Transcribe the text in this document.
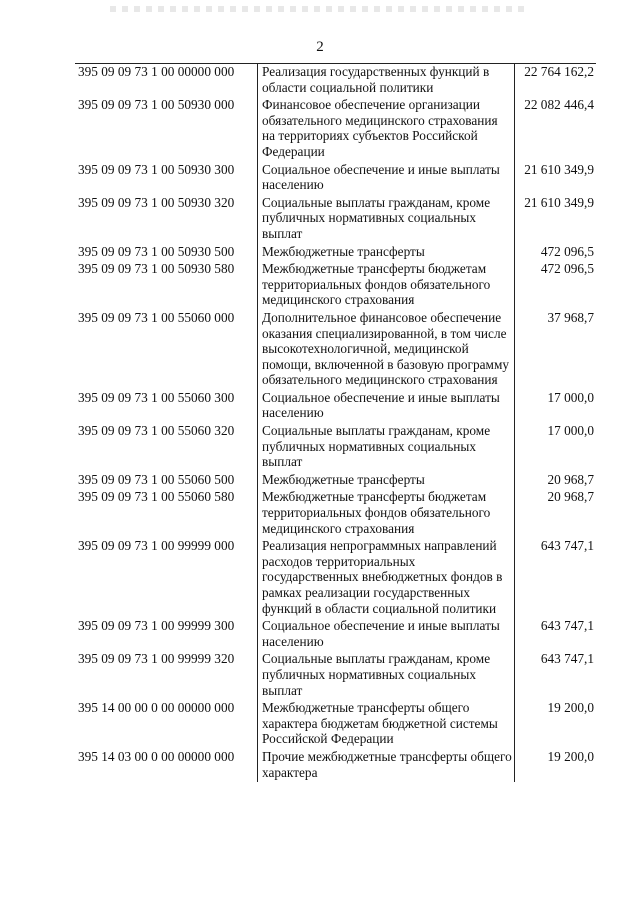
2
395 09 09 73 1 00 00000 000	Реализация государственных функций в области социальной политики	22 764 162,2
395 09 09 73 1 00 50930 000	Финансовое обеспечение организации обязательного медицинского страхования на территориях субъектов Российской Федерации	22 082 446,4
395 09 09 73 1 00 50930 300	Социальное обеспечение и иные выплаты населению	21 610 349,9
395 09 09 73 1 00 50930 320	Социальные выплаты гражданам, кроме публичных нормативных социальных выплат	21 610 349,9
395 09 09 73 1 00 50930 500	Межбюджетные трансферты	472 096,5
395 09 09 73 1 00 50930 580	Межбюджетные трансферты бюджетам территориальных фондов обязательного медицинского страхования	472 096,5
395 09 09 73 1 00 55060 000	Дополнительное финансовое обеспечение оказания специализированной, в том числе высокотехнологичной, медицинской помощи, включенной в базовую программу обязательного медицинского страхования	37 968,7
395 09 09 73 1 00 55060 300	Социальное обеспечение и иные выплаты населению	17 000,0
395 09 09 73 1 00 55060 320	Социальные выплаты гражданам, кроме публичных нормативных социальных выплат	17 000,0
395 09 09 73 1 00 55060 500	Межбюджетные трансферты	20 968,7
395 09 09 73 1 00 55060 580	Межбюджетные трансферты бюджетам территориальных фондов обязательного медицинского страхования	20 968,7
395 09 09 73 1 00 99999 000	Реализация непрограммных направлений расходов территориальных государственных внебюджетных фондов в рамках реализации государственных функций в области социальной политики	643 747,1
395 09 09 73 1 00 99999 300	Социальное обеспечение и иные выплаты населению	643 747,1
395 09 09 73 1 00 99999 320	Социальные выплаты гражданам, кроме публичных нормативных социальных выплат	643 747,1
395 14 00 00 0 00 00000 000	Межбюджетные трансферты общего характера бюджетам бюджетной системы Российской Федерации	19 200,0
395 14 03 00 0 00 00000 000	Прочие межбюджетные трансферты общего характера	19 200,0
